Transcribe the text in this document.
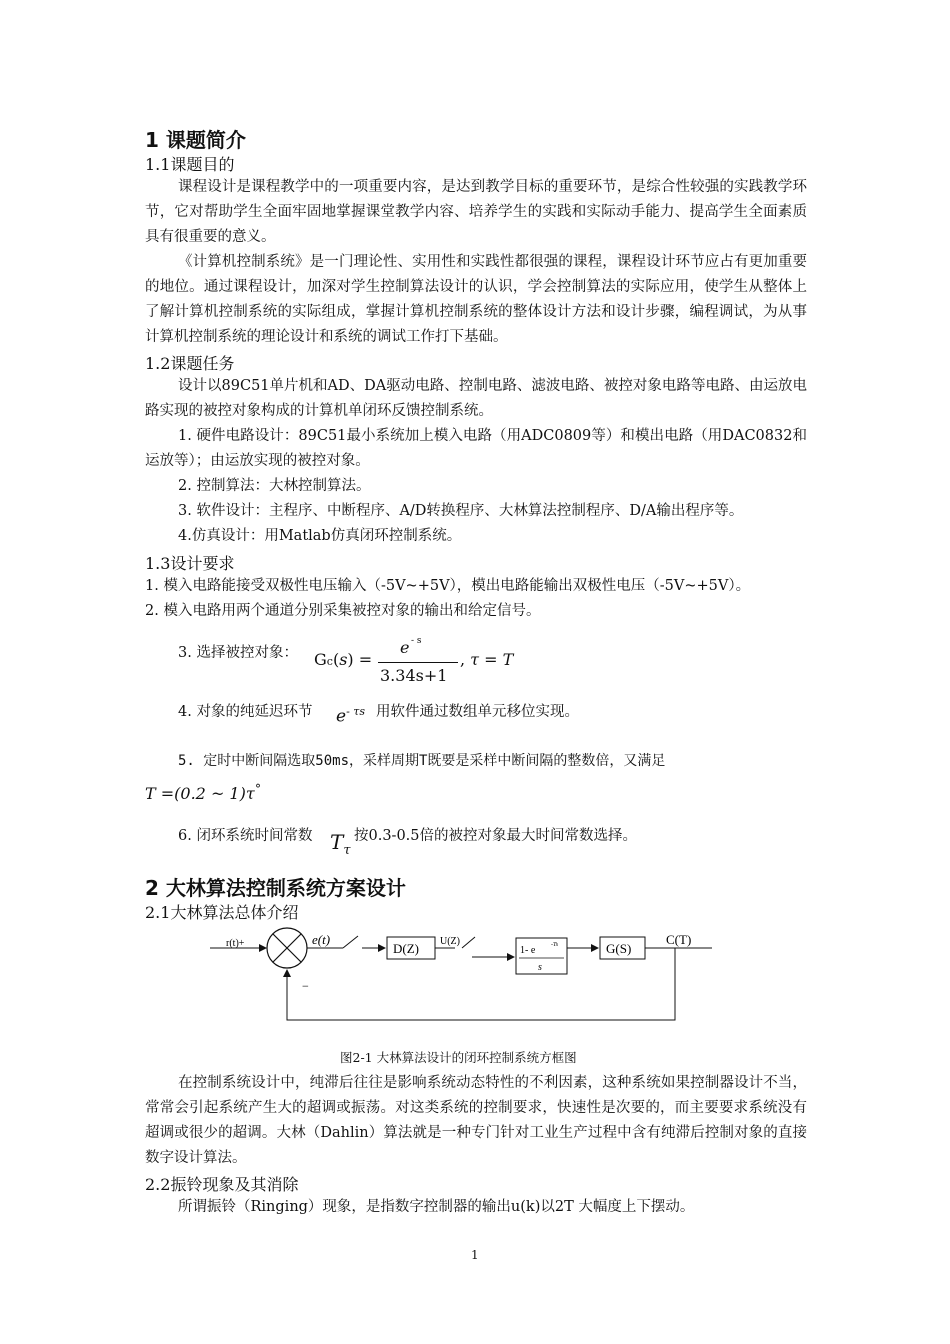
1 课题简介
1.1课题目的
课程设计是课程教学中的一项重要内容，是达到教学目标的重要环节，是综合性较强的实践教学环节，它对帮助学生全面牢固地掌握课堂教学内容、培养学生的实践和实际动手能力、提高学生全面素质具有很重要的意义。
《计算机控制系统》是一门理论性、实用性和实践性都很强的课程，课程设计环节应占有更加重要的地位。通过课程设计，加深对学生控制算法设计的认识，学会控制算法的实际应用，使学生从整体上了解计算机控制系统的实际组成，掌握计算机控制系统的整体设计方法和设计步骤，编程调试，为从事计算机控制系统的理论设计和系统的调试工作打下基础。
1.2课题任务
设计以89C51单片机和AD、DA驱动电路、控制电路、滤波电路、被控对象电路等电路、由运放电路实现的被控对象构成的计算机单闭环反馈控制系统。
1. 硬件电路设计：89C51最小系统加上模入电路（用ADC0809等）和模出电路（用DAC0832和运放等）；由运放实现的被控对象。
2. 控制算法：大林控制算法。
3. 软件设计：主程序、中断程序、A/D转换程序、大林算法控制程序、D/A输出程序等。
4.仿真设计：用Matlab仿真闭环控制系统。
1.3设计要求
1. 模入电路能接受双极性电压输入（-5V~+5V），模出电路能输出双极性电压（-5V~+5V）。
2. 模入电路用两个通道分别采集被控对象的输出和给定信号。
3. 选择被控对象： Gc(s) =
e - s
3.34s+1
, τ = T
4. 对象的纯延迟环节 $e^{- \tau s}$ 用软件通过数组单元移位实现。
5. 定时中断间隔选取50ms，采样周期T既要是采样中断间隔的整数倍，又满足
T =(0.2 ~ 1)τ °
6. 闭环系统时间常数 $T_\tau$
按0.3-0.5倍的被控对象最大时间常数选择。
2 大林算法控制系统方案设计
2.1大林算法总体介绍
r(t)+	e(t)
D(Z) U(Z)
1- e	-Ts
s
G(S)
C(T)
−
图2-1 大林算法设计的闭环控制系统方框图
在控制系统设计中，纯滞后往往是影响系统动态特性的不利因素，这种系统如果控制器设计不当，常常会引起系统产生大的超调或振荡。对这类系统的控制要求，快速性是次要的，而主要要求系统没有超调或很少的超调。大林（Dahlin）算法就是一种专门针对工业生产过程中含有纯滞后控制对象的直接数字设计算法。
2.2振铃现象及其消除
所谓振铃（Ringing）现象，是指数字控制器的输出u(k)以2T 大幅度上下摆动。
1
